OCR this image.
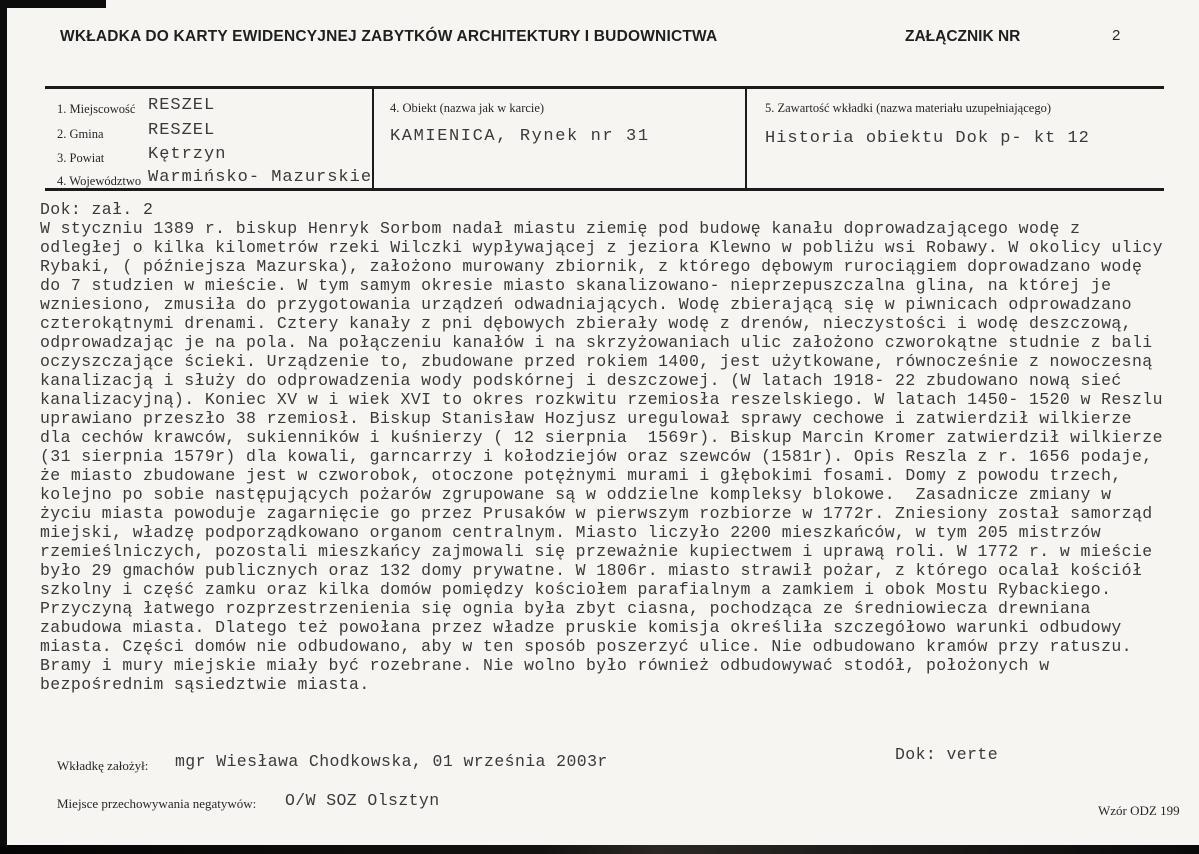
WKŁADKA DO KARTY EWIDENCYJNEJ ZABYTKÓW ARCHITEKTURY I BUDOWNICTWA	ZAŁĄCZNIK NR	2
1. Miejscowość RESZEL
2. Gmina	RESZEL
3. Powiat	Kętrzyn
4. Województwo Warmińsko- Mazurskie
4. Obiekt (nazwa jak w karcie)
KAMIENICA, Rynek nr 31
5. Zawartość wkładki (nazwa materiału uzupełniającego)
Historia obiektu Dok p- kt 12
Dok: zał. 2
W styczniu 1389 r. biskup Henryk Sorbom nadał miastu ziemię pod budowę kanału doprowadzającego wodę z
odległej o kilka kilometrów rzeki Wilczki wypływającej z jeziora Klewno w pobliżu wsi Robawy. W okolicy ulicy
Rybaki, ( późniejsza Mazurska), założono murowany zbiornik, z którego dębowym rurociągiem doprowadzano wodę
do 7 studzien w mieście. W tym samym okresie miasto skanalizowano- nieprzepuszczalna glina, na której je
wzniesiono, zmusiła do przygotowania urządzeń odwadniających. Wodę zbierającą się w piwnicach odprowadzano
czterokątnymi drenami. Cztery kanały z pni dębowych zbierały wodę z drenów, nieczystości i wodę deszczową,
odprowadzając je na pola. Na połączeniu kanałów i na skrzyżowaniach ulic założono czworokątne studnie z bali
oczyszczające ścieki. Urządzenie to, zbudowane przed rokiem 1400, jest użytkowane, równocześnie z nowoczesną
kanalizacją i służy do odprowadzenia wody podskórnej i deszczowej. (W latach 1918- 22 zbudowano nową sieć
kanalizacyjną). Koniec XV w i wiek XVI to okres rozkwitu rzemiosła reszelskiego. W latach 1450- 1520 w Reszlu
uprawiano przeszło 38 rzemiosł. Biskup Stanisław Hozjusz uregulował sprawy cechowe i zatwierdził wilkierze
dla cechów krawców, sukienników i kuśnierzy ( 12 sierpnia  1569r). Biskup Marcin Kromer zatwierdził wilkierze
(31 sierpnia 1579r) dla kowali, garncarrzy i kołodziejów oraz szewców (1581r). Opis Reszla z r. 1656 podaje,
że miasto zbudowane jest w czworobok, otoczone potężnymi murami i głębokimi fosami. Domy z powodu trzech,
kolejno po sobie następujących pożarów zgrupowane są w oddzielne kompleksy blokowe.  Zasadnicze zmiany w
życiu miasta powoduje zagarnięcie go przez Prusaków w pierwszym rozbiorze w 1772r. Zniesiony został samorząd
miejski, władzę podporządkowano organom centralnym. Miasto liczyło 2200 mieszkańców, w tym 205 mistrzów
rzemieślniczych, pozostali mieszkańcy zajmowali się przeważnie kupiectwem i uprawą roli. W 1772 r. w mieście
było 29 gmachów publicznych oraz 132 domy prywatne. W 1806r. miasto strawił pożar, z którego ocalał kościół
szkolny i część zamku oraz kilka domów pomiędzy kościołem parafialnym a zamkiem i obok Mostu Rybackiego.
Przyczyną łatwego rozprzestrzenienia się ognia była zbyt ciasna, pochodząca ze średniowiecza drewniana
zabudowa miasta. Dlatego też powołana przez władze pruskie komisja określiła szczegółowo warunki odbudowy
miasta. Części domów nie odbudowano, aby w ten sposób poszerzyć ulice. Nie odbudowano kramów przy ratuszu.
Bramy i mury miejskie miały być rozebrane. Nie wolno było również odbudowywać stodół, położonych w
bezpośrednim sąsiedztwie miasta.
Dok: verte
Wkładkę założył: mgr Wiesława Chodkowska, 01 września 2003r
Miejsce przechowywania negatywów: O/W SOZ Olsztyn
Wzór ODZ 199
